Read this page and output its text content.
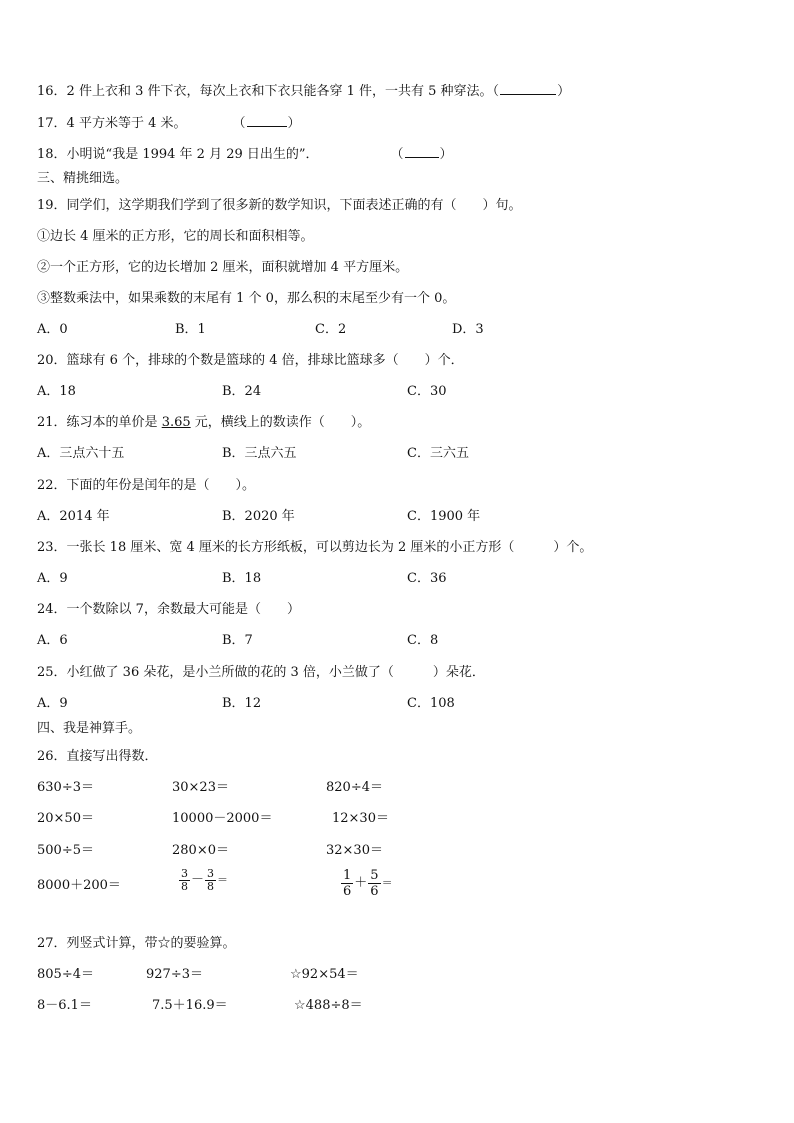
16．2 件上衣和 3 件下衣，每次上衣和下衣只能各穿 1 件，一共有 5 种穿法。（	）
17．4 平方米等于 4 米。	（	）
18．小明说“我是 1994 年 2 月 29 日出生的”．	（	）
三、精挑细选。
19．同学们，这学期我们学到了很多新的数学知识，下面表述正确的有（　　）句。
①边长 4 厘米的正方形，它的周长和面积相等。
②一个正方形，它的边长增加 2 厘米，面积就增加 4 平方厘米。
③整数乘法中，如果乘数的末尾有 1 个 0，那么积的末尾至少有一个 0。
A．0	B．1	C．2	D．3
20．篮球有 6 个，排球的个数是篮球的 4 倍，排球比篮球多（　　）个．
A．18	B．24	C．30
21．练习本的单价是 3.65 元，横线上的数读作（　　）。
A．三点六十五	B．三点六五	C．三六五
22．下面的年份是闰年的是（　　）。
A．2014 年	B．2020 年	C．1900 年
23．一张长 18 厘米、宽 4 厘米的长方形纸板，可以剪边长为 2 厘米的小正方形（　　　）个。
A．9	B．18	C．36
24．一个数除以 7，余数最大可能是（　　）
A．6	B．7	C．8
25．小红做了 36 朵花，是小兰所做的花的 3 倍，小兰做了（　　　）朵花．
A．9	B．12	C．108
四、我是神算手。
26．直接写出得数．
630÷3＝	30×23＝	820÷4＝
20×50＝	10000－2000＝	12×30＝
500÷5＝	280×0＝	32×30＝
8000＋200＝	$\frac{3}{8} - \frac{3}{8}$ ＝	$\frac{1}{6} + \frac{5}{6}$ ＝
27．列竖式计算，带☆的要验算。
805÷4＝	927÷3＝	☆92×54＝
8－6.1＝	7.5＋16.9＝	☆488÷8＝
